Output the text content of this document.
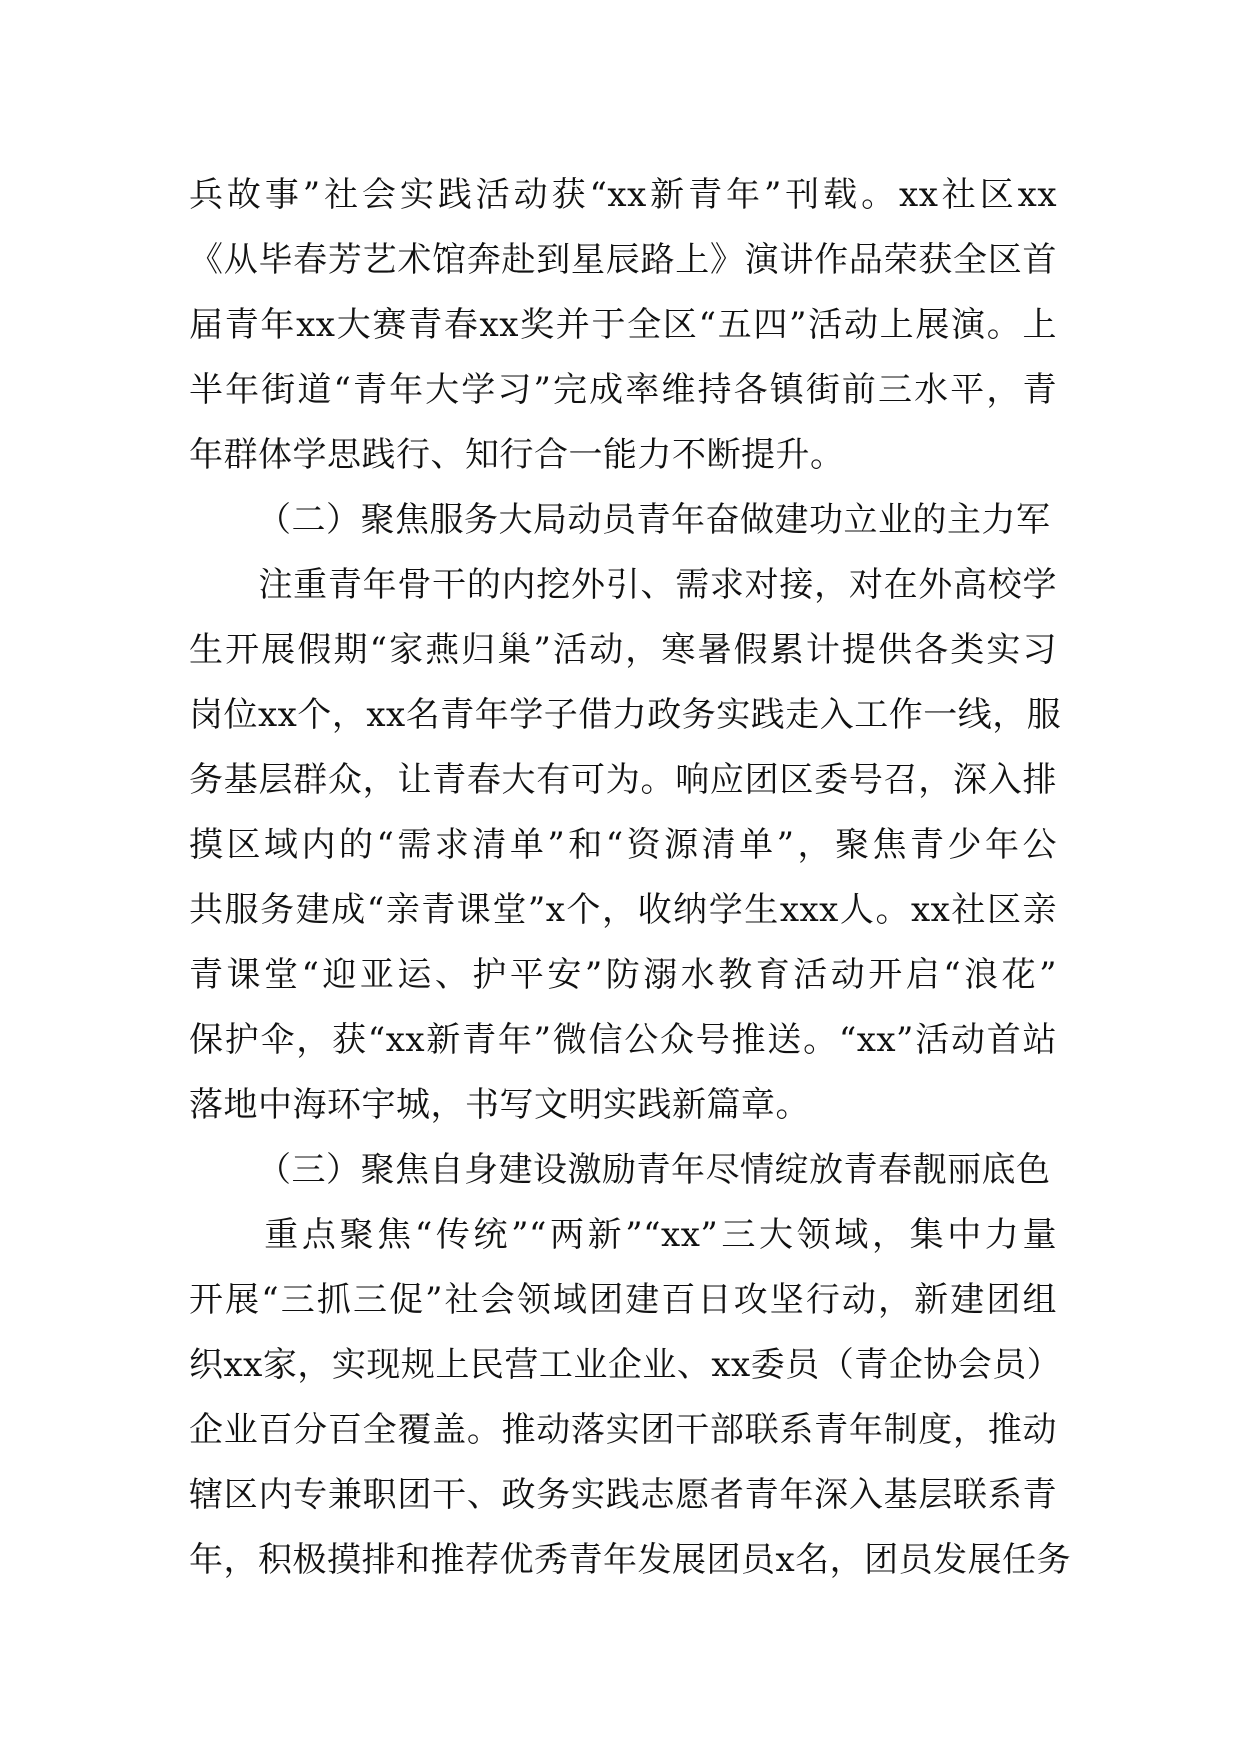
兵故事”社会实践活动获“xx新青年”刊载。xx社区xx
《从毕春芳艺术馆奔赴到星辰路上》演讲作品荣获全区首
届青年xx大赛青春xx奖并于全区“五四”活动上展演。上
半年街道“青年大学习”完成率维持各镇街前三水平，青
年群体学思践行、知行合一能力不断提升。
（二）聚焦服务大局动员青年奋做建功立业的主力军
　　注重青年骨干的内挖外引、需求对接，对在外高校学
生开展假期“家燕归巢”活动，寒暑假累计提供各类实习
岗位xx个，xx名青年学子借力政务实践走入工作一线，服
务基层群众，让青春大有可为。响应团区委号召，深入排
摸区域内的“需求清单”和“资源清单”，聚焦青少年公
共服务建成“亲青课堂”x个，收纳学生xxx人。xx社区亲
青课堂“迎亚运、护平安”防溺水教育活动开启“浪花”
保护伞，获“xx新青年”微信公众号推送。“xx”活动首站
落地中海环宇城，书写文明实践新篇章。
（三）聚焦自身建设激励青年尽情绽放青春靓丽底色
　　重点聚焦“传统”“两新”“xx”三大领域，集中力量
开展“三抓三促”社会领域团建百日攻坚行动，新建团组
织xx家，实现规上民营工业企业、xx委员（青企协会员）
企业百分百全覆盖。推动落实团干部联系青年制度，推动
辖区内专兼职团干、政务实践志愿者青年深入基层联系青
年，积极摸排和推荐优秀青年发展团员x名，团员发展任务
